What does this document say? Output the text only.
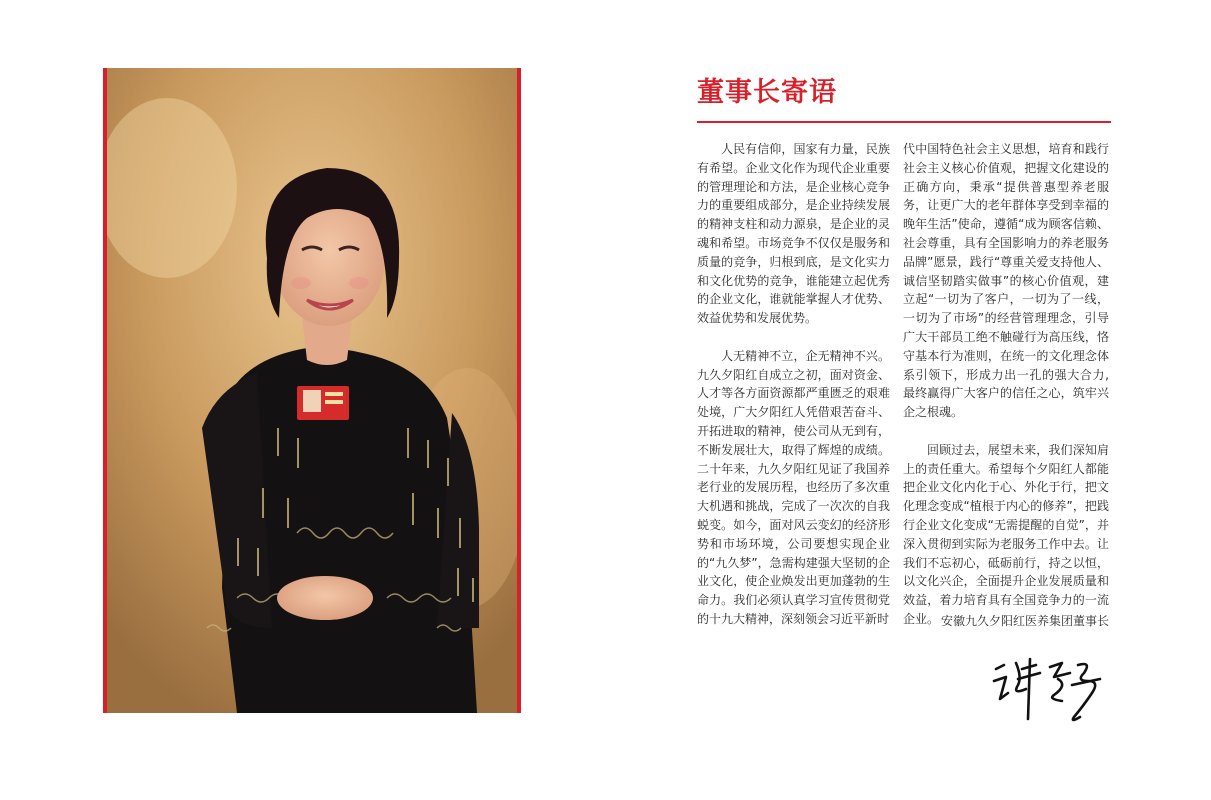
董事长寄语

人民有信仰，国家有力量，民族有希望。企业文化作为现代企业重要的管理理论和方法，是企业核心竞争力的重要组成部分，是企业持续发展的精神支柱和动力源泉，是企业的灵魂和希望。市场竞争不仅仅是服务和质量的竞争，归根到底，是文化实力和文化优势的竞争，谁能建立起优秀的企业文化，谁就能掌握人才优势、效益优势和发展优势。

人无精神不立，企无精神不兴。九久夕阳红自成立之初，面对资金、人才等各方面资源都严重匮乏的艰难处境，广大夕阳红人凭借艰苦奋斗、开拓进取的精神，使公司从无到有，不断发展壮大，取得了辉煌的成绩。二十年来，九久夕阳红见证了我国养老行业的发展历程，也经历了多次重大机遇和挑战，完成了一次次的自我蜕变。如今，面对风云变幻的经济形势和市场环境，公司要想实现企业的“九久梦”，急需构建强大坚韧的企业文化，使企业焕发出更加蓬勃的生命力。我们必须认真学习宣传贯彻党的十九大精神，深刻领会习近平新时

代中国特色社会主义思想，培育和践行社会主义核心价值观，把握文化建设的正确方向，秉承“提供普惠型养老服务，让更广大的老年群体享受到幸福的晚年生活”使命，遵循“成为顾客信赖、社会尊重，具有全国影响力的养老服务品牌”愿景，践行“尊重关爱支持他人、诚信坚韧踏实做事”的核心价值观，建立起“一切为了客户，一切为了一线，一切为了市场”的经营管理理念，引导广大干部员工绝不触碰行为高压线，恪守基本行为准则，在统一的文化理念体系引领下，形成力出一孔的强大合力,最终赢得广大客户的信任之心，筑牢兴企之根魂。

回顾过去，展望未来，我们深知肩上的责任重大。希望每个夕阳红人都能把企业文化内化于心、外化于行，把文化理念变成“植根于内心的修养”，把践行企业文化变成“无需提醒的自觉”，并深入贯彻到实际为老服务工作中去。让我们不忘初心，砥砺前行，持之以恒，以文化兴企，全面提升企业发展质量和效益，着力培育具有全国竞争力的一流企业。 安徽九久夕阳红医养集团董事长
